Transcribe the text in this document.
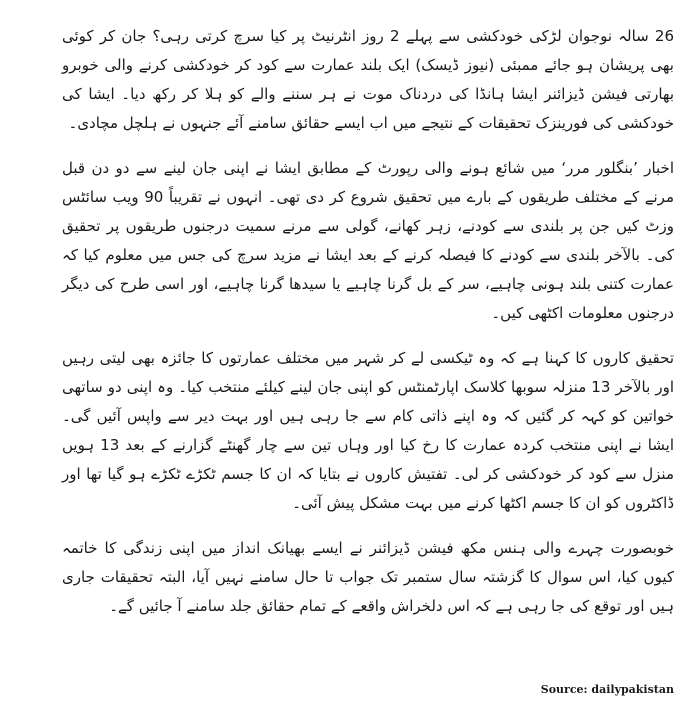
26 سالہ نوجوان لڑکی خودکشی سے پہلے 2 روز انٹرنیٹ پر کیا سرچ کرتی رہی؟ جان کر کوئی بھی پریشان ہو جائے ممبئی (نیوز ڈیسک) ایک بلند عمارت سے کود کر خودکشی کرنے والی خوبرو بھارتی فیشن ڈیزائنر ایشا ہانڈا کی دردناک موت نے ہر سننے والے کو ہلا کر رکھ دیا۔ ایشا کی خودکشی کی فورینزک تحقیقات کے نتیجے میں اب ایسے حقائق سامنے آئے جنہوں نے ہلچل مچادی۔

اخبار ’بنگلور مرر‘ میں شائع ہونے والی رپورٹ کے مطابق ایشا نے اپنی جان لینے سے دو دن قبل مرنے کے مختلف طریقوں کے بارے میں تحقیق شروع کر دی تھی۔ انہوں نے تقریباً 90 ویب سائٹس وزٹ کیں جن پر بلندی سے کودنے، زہر کھانے، گولی سے مرنے سمیت درجنوں طریقوں پر تحقیق کی۔ بالآخر بلندی سے کودنے کا فیصلہ کرنے کے بعد ایشا نے مزید سرچ کی جس میں معلوم کیا کہ عمارت کتنی بلند ہونی چاہیے، سر کے بل گرنا چاہیے یا سیدھا گرنا چاہیے، اور اسی طرح کی دیگر درجنوں معلومات اکٹھی کیں۔

تحقیق کاروں کا کہنا ہے کہ وہ ٹیکسی لے کر شہر میں مختلف عمارتوں کا جائزہ بھی لیتی رہیں اور بالآخر 13 منزلہ سوبھا کلاسک اپارٹمنٹس کو اپنی جان لینے کیلئے منتخب کیا۔ وہ اپنی دو ساتھی خواتین کو کہہ کر گئیں کہ وہ اپنے ذاتی کام سے جا رہی ہیں اور بہت دیر سے واپس آئیں گی۔ ایشا نے اپنی منتخب کردہ عمارت کا رخ کیا اور وہاں تین سے چار گھنٹے گزارنے کے بعد 13 ہویں منزل سے کود کر خودکشی کر لی۔ تفتیش کاروں نے بتایا کہ ان کا جسم ٹکڑے ٹکڑے ہو گیا تھا اور ڈاکٹروں کو ان کا جسم اکٹھا کرنے میں بہت مشکل پیش آئی۔

خوبصورت چہرے والی ہنس مکھ فیشن ڈیزائنر نے ایسے بھیانک انداز میں اپنی زندگی کا خاتمہ کیوں کیا، اس سوال کا گزشتہ سال ستمبر تک جواب تا حال سامنے نہیں آیا، البتہ تحقیقات جاری ہیں اور توقع کی جا رہی ہے کہ اس دلخراش واقعے کے تمام حقائق جلد سامنے آ جائیں گے۔

Source: dailypakistan
